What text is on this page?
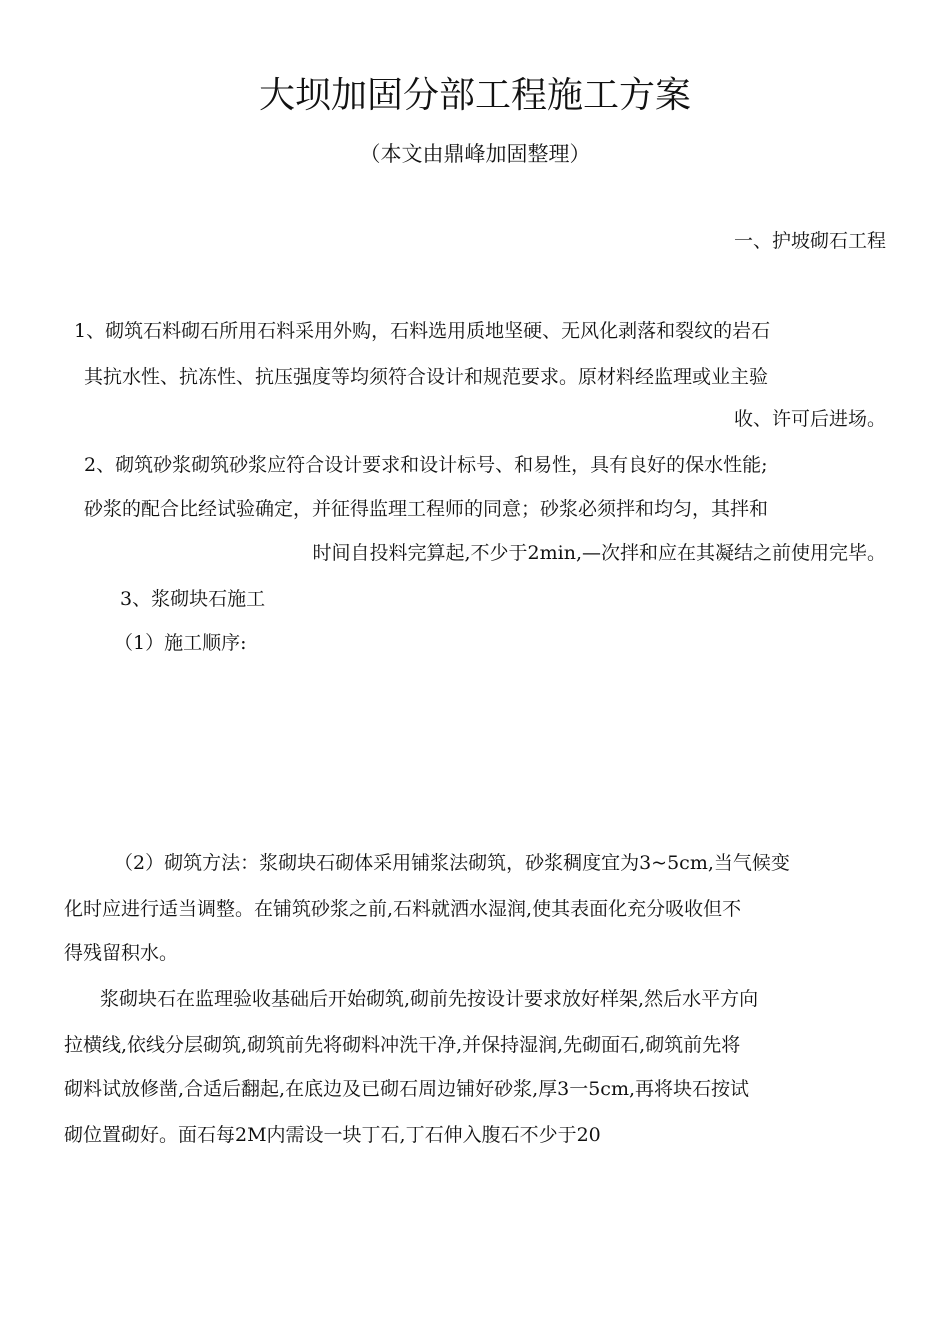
大坝加固分部工程施工方案
（本文由鼎峰加固整理）
一、护坡砌石工程
1、砌筑石料砌石所用石料采用外购，石料选用质地坚硬、无风化剥落和裂纹的岩石
其抗水性、抗冻性、抗压强度等均须符合设计和规范要求。原材料经监理或业主验
收、许可后进场。
2、砌筑砂浆砌筑砂浆应符合设计要求和设计标号、和易性，具有良好的保水性能;
砂浆的配合比经试验确定，并征得监理工程师的同意；砂浆必须拌和均匀，其拌和
时间自投料完算起,不少于2min,—次拌和应在其凝结之前使用完毕。
3、浆砌块石施工
（1）施工顺序:
（2）砌筑方法：浆砌块石砌体采用铺浆法砌筑，砂浆稠度宜为3~5cm,当气候变
化时应进行适当调整。在铺筑砂浆之前,石料就洒水湿润,使其表面化充分吸收但不
得残留积水。
浆砌块石在监理验收基础后开始砌筑,砌前先按设计要求放好样架,然后水平方向
拉横线,依线分层砌筑,砌筑前先将砌料冲洗干净,并保持湿润,先砌面石,砌筑前先将
砌料试放修凿,合适后翻起,在底边及已砌石周边铺好砂浆,厚3一5cm,再将块石按试
砌位置砌好。面石每2M内需设一块丁石,丁石伸入腹石不少于20
